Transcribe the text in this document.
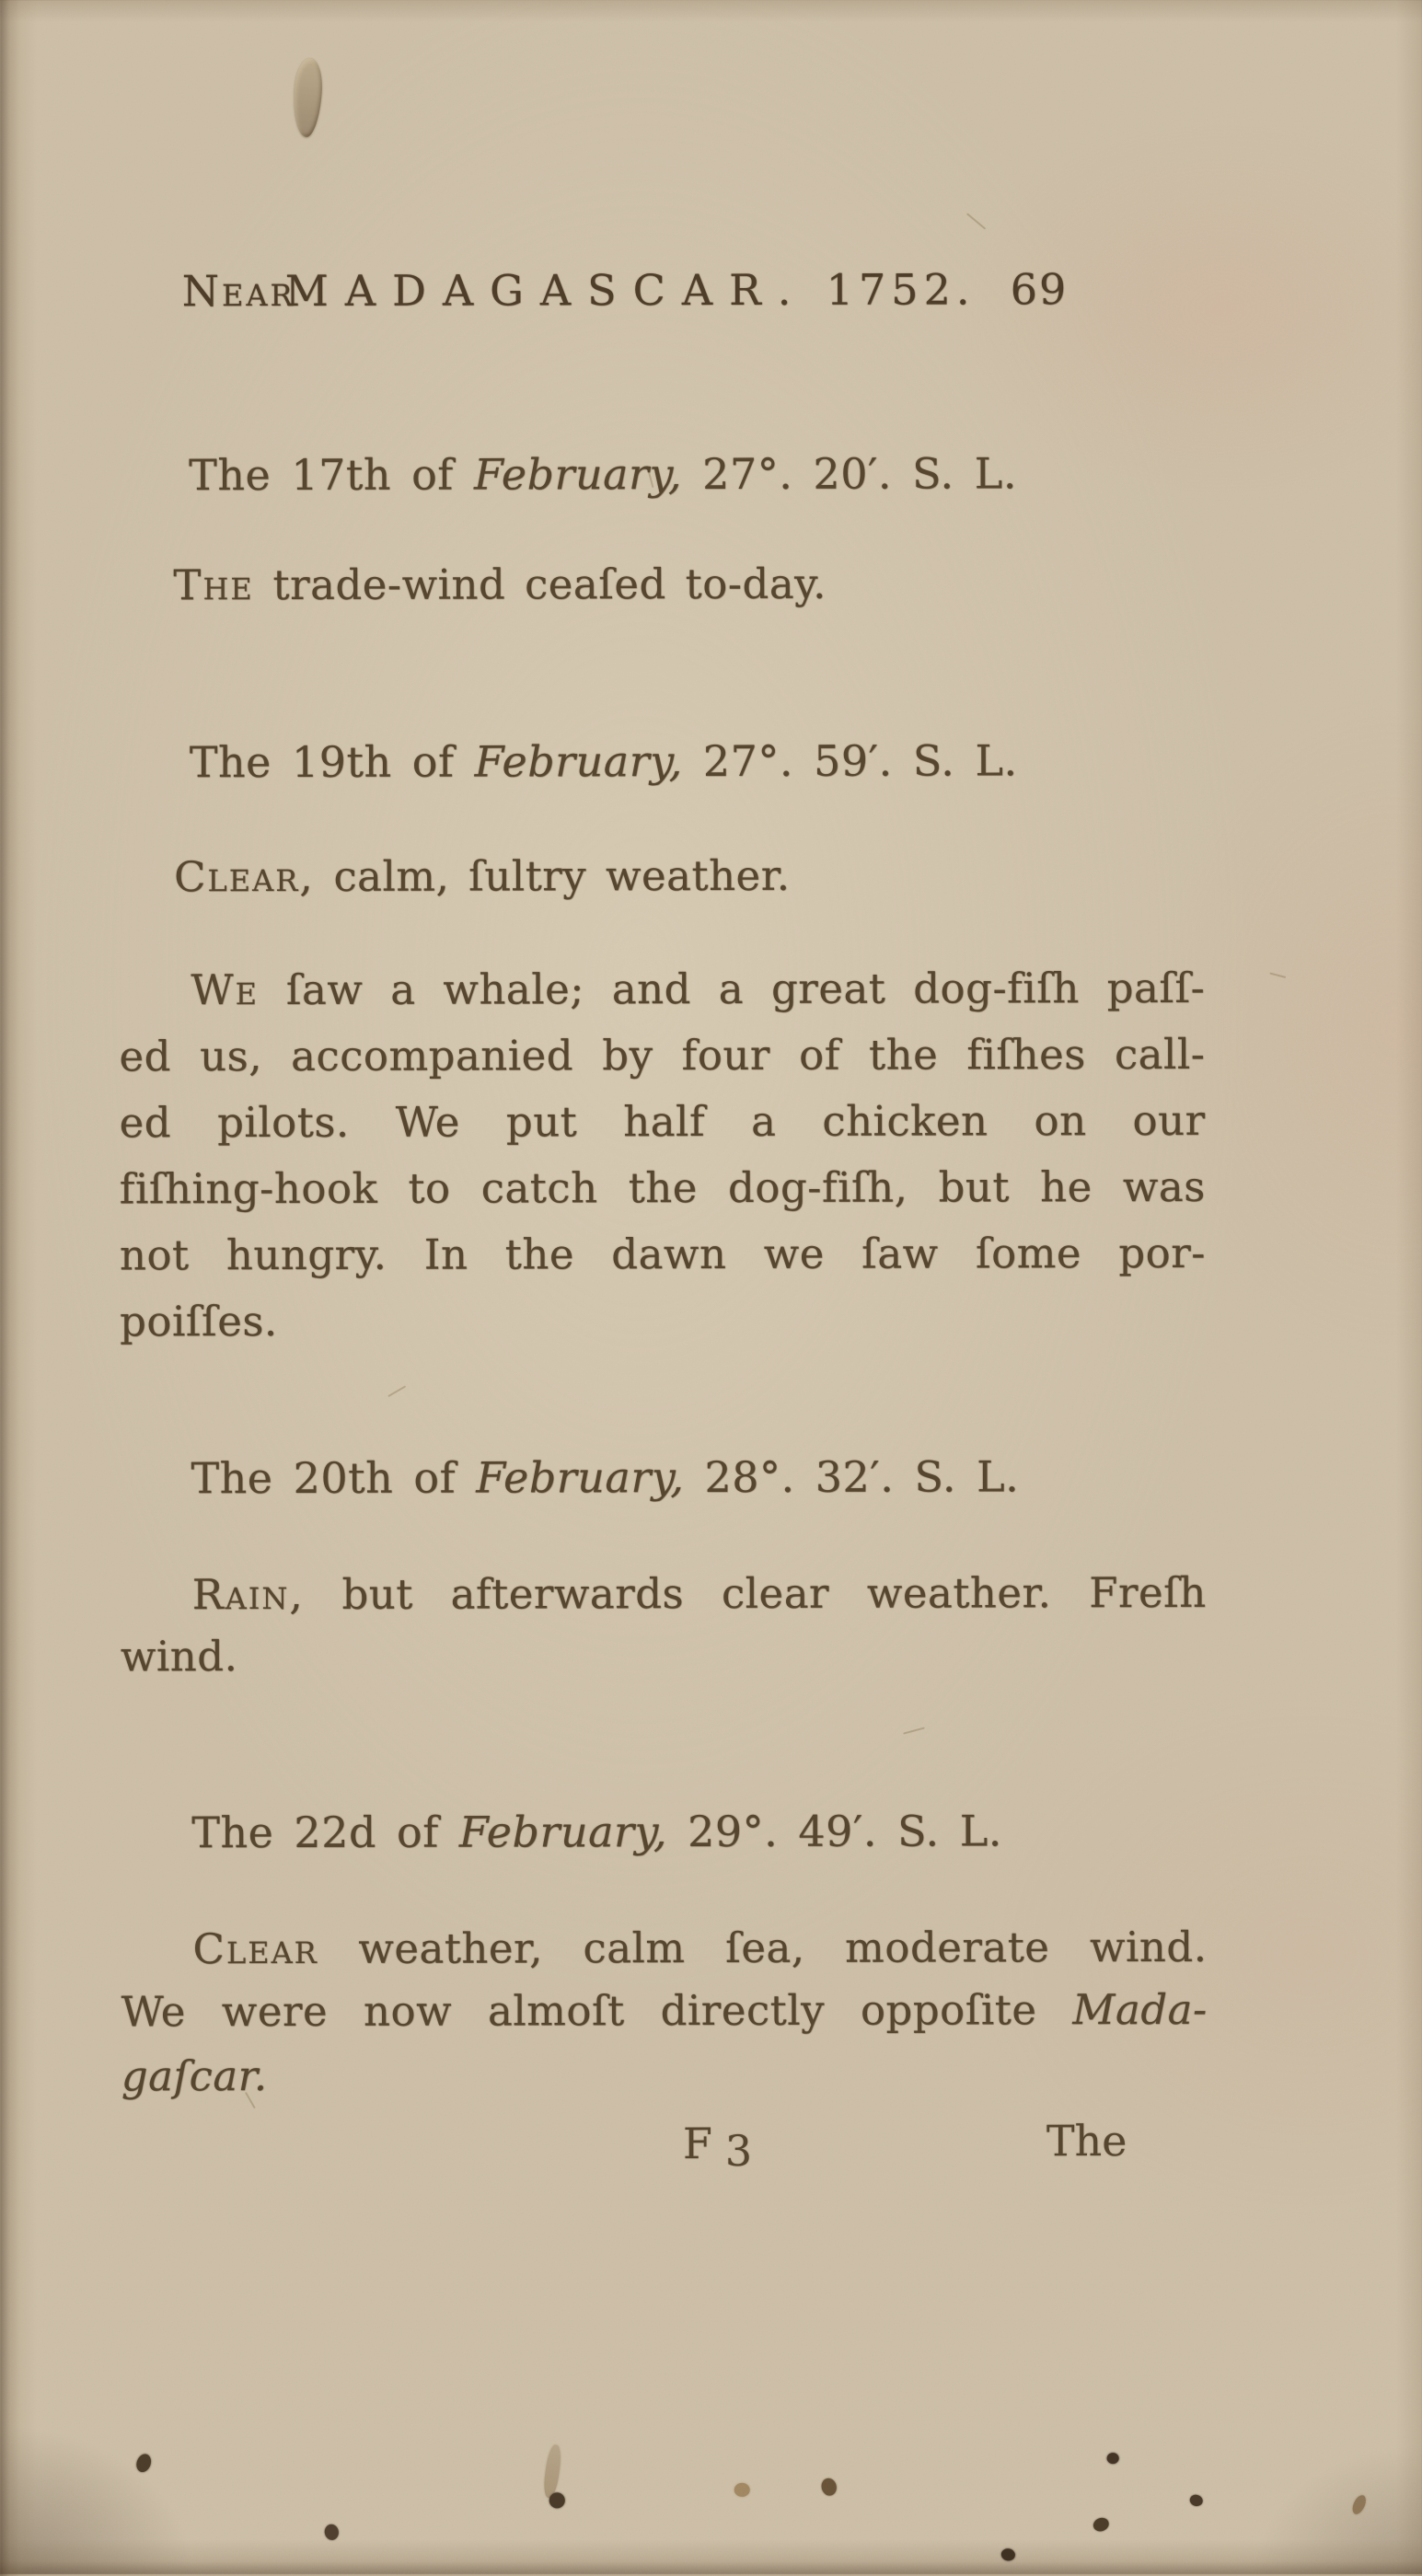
Near
MADAGASCAR. 1752. 69
The 17th of February, 27°. 20′. S. L.
The trade-wind ceaſed to-day.
The 19th of February, 27°. 59′. S. L.
Clear, calm, ſultry weather.
We ſaw a whale; and a great dog-fiſh paſſ-
ed us, accompanied by four of the fiſhes call-
ed pilots. We put half a chicken on our
fiſhing-hook to catch the dog-fiſh, but he was
not hungry. In the dawn we ſaw ſome por-
poiſſes.
The 20th of February, 28°. 32′. S. L.
Rain, but afterwards clear weather. Freſh
wind.
The 22d of February, 29°. 49′. S. L.
Clear weather, calm ſea, moderate wind.
We were now almoſt directly oppoſite Mada-
gaſcar.
F 3	The
